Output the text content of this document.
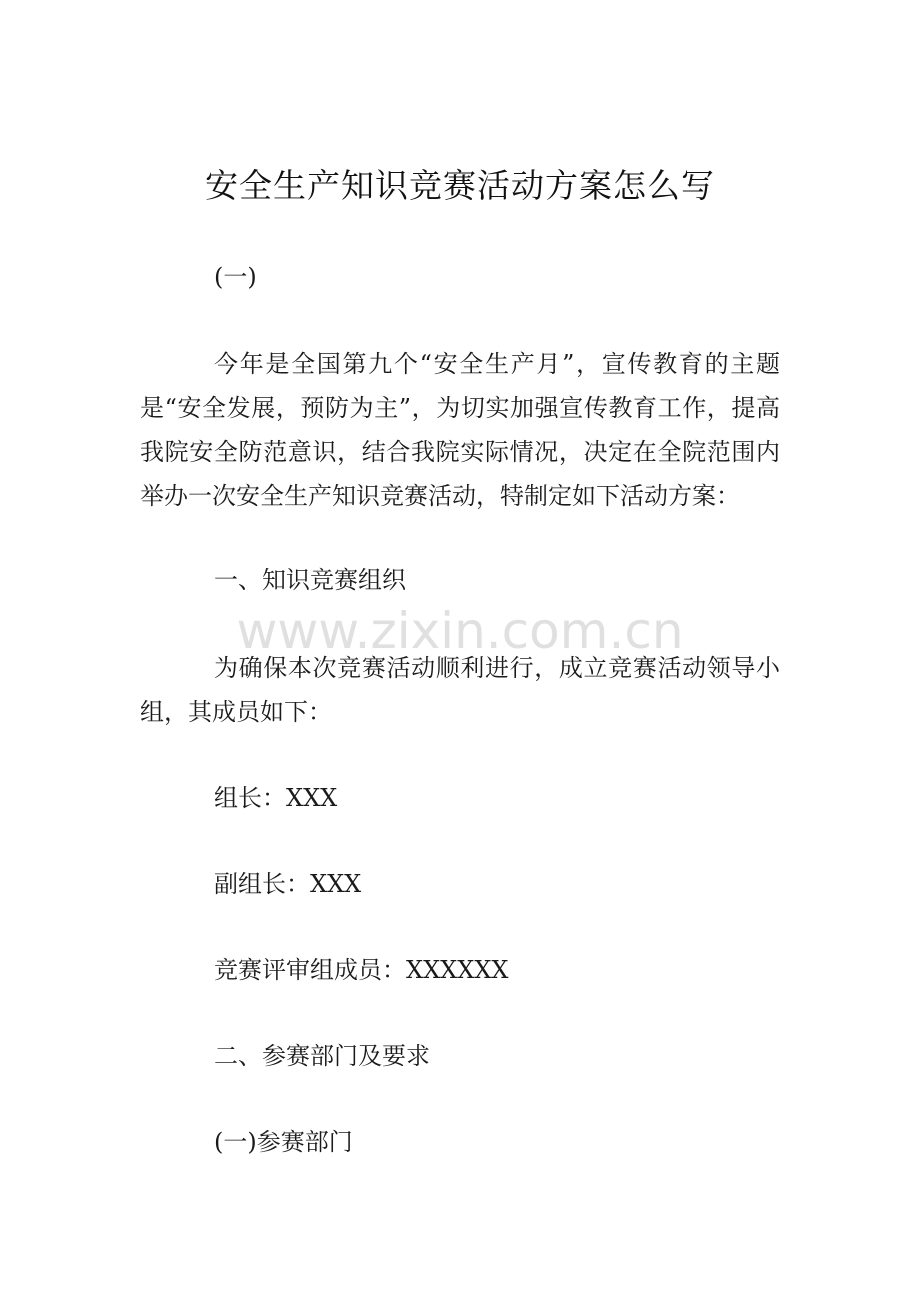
安全生产知识竞赛活动方案怎么写

(一)

今年是全国第九个“安全生产月”，宣传教育的主题是“安全发展，预防为主”，为切实加强宣传教育工作，提高我院安全防范意识，结合我院实际情况，决定在全院范围内举办一次安全生产知识竞赛活动，特制定如下活动方案：

一、知识竞赛组织

为确保本次竞赛活动顺利进行，成立竞赛活动领导小组，其成员如下：

组长：XXX

副组长：XXX

竞赛评审组成员：XXXXXX

二、参赛部门及要求

(一)参赛部门

www.zixin.com.cn
